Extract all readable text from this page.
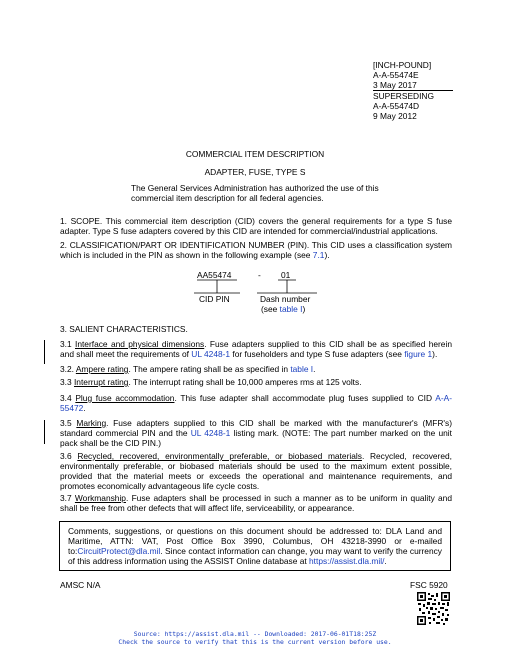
[INCH-POUND]
A-A-55474E
3 May 2017
SUPERSEDING
A-A-55474D
9 May 2012
COMMERCIAL ITEM DESCRIPTION
ADAPTER, FUSE, TYPE S
The General Services Administration has authorized the use of this
commercial item description for all federal agencies.
1. SCOPE. This commercial item description (CID) covers the general requirements for a type S fuse adapter. Type S fuse adapters covered by this CID are intended for commercial/industrial applications.
2. CLASSIFICATION/PART OR IDENTIFICATION NUMBER (PIN). This CID uses a classification system which is included in the PIN as shown in the following example (see 7.1).
AA55474	- 01
CID PIN	Dash number
(see table I)
3. SALIENT CHARACTERISTICS.
3.1 Interface and physical dimensions. Fuse adapters supplied to this CID shall be as specified herein and shall meet the requirements of UL 4248-1 for fuseholders and type S fuse adapters (see figure 1).
3.2. Ampere rating. The ampere rating shall be as specified in table I.
3.3 Interrupt rating. The interrupt rating shall be 10,000 amperes rms at 125 volts.
3.4 Plug fuse accommodation. This fuse adapter shall accommodate plug fuses supplied to CID A-A-55472.
3.5 Marking. Fuse adapters supplied to this CID shall be marked with the manufacturer's (MFR's) standard commercial PIN and the UL 4248-1 listing mark. (NOTE: The part number marked on the unit pack shall be the CID PIN.)
3.6 Recycled, recovered, environmentally preferable, or biobased materials. Recycled, recovered, environmentally preferable, or biobased materials should be used to the maximum extent possible, provided that the material meets or exceeds the operational and maintenance requirements, and promotes economically advantageous life cycle costs.
3.7 Workmanship. Fuse adapters shall be processed in such a manner as to be uniform in quality and shall be free from other defects that will affect life, serviceability, or appearance.
Comments, suggestions, or questions on this document should be addressed to: DLA Land and Maritime, ATTN: VAT, Post Office Box 3990, Columbus, OH 43218-3990 or e-mailed to:CircuitProtect@dla.mil. Since contact information can change, you may want to verify the currency of this address information using the ASSIST Online database at https://assist.dla.mil/.
AMSC N/A	FSC 5920
Source: https://assist.dla.mil -- Downloaded: 2017-06-01T18:25Z
Check the source to verify that this is the current version before use.
